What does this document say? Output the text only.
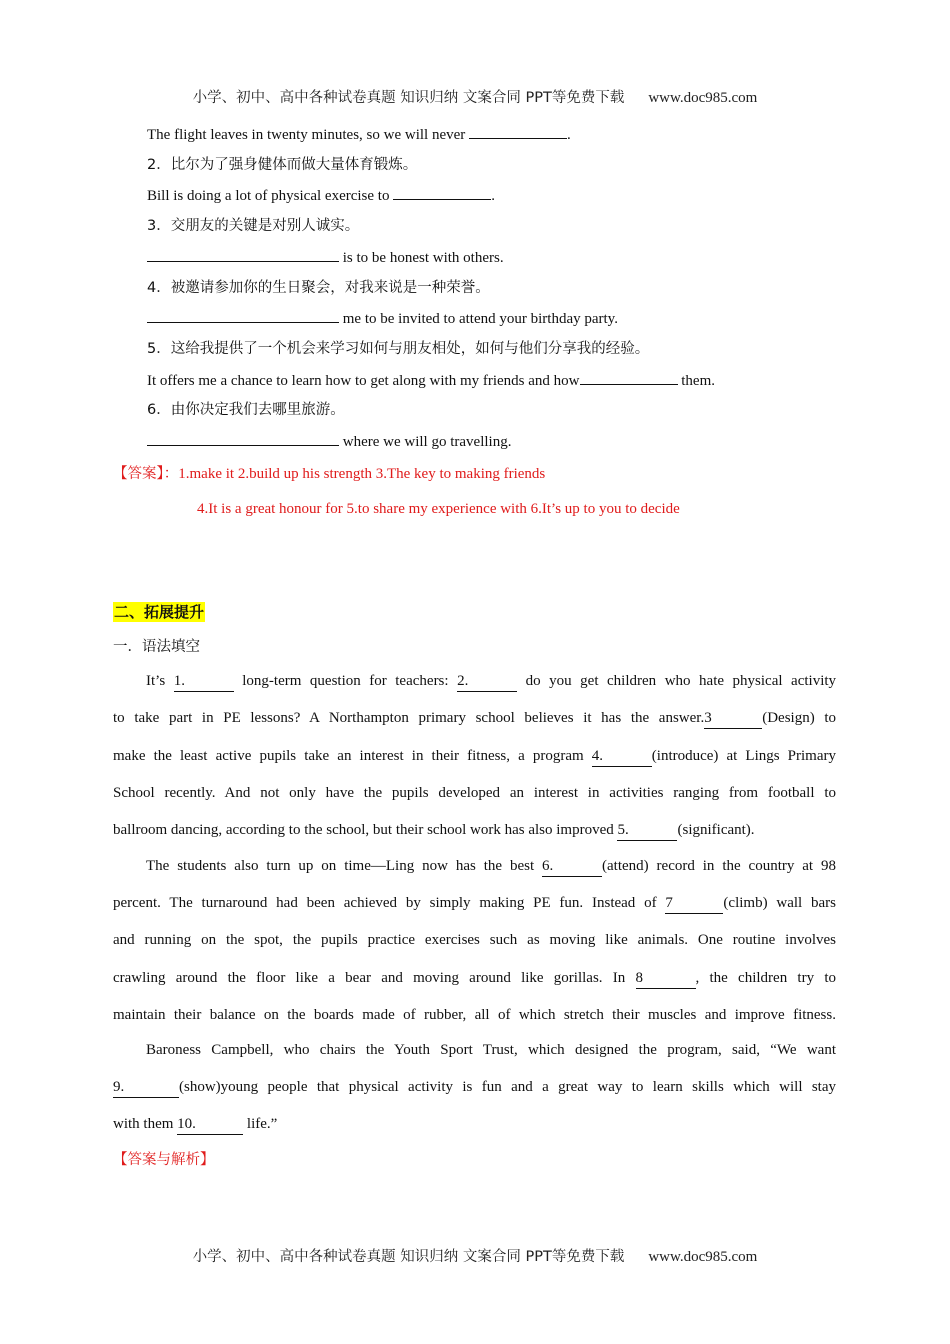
小学、初中、高中各种试卷真题 知识归纳 文案合同 PPT等免费下载 www.doc985.com
The flight leaves in twenty minutes, so we will never	.
2．比尔为了强身健体而做大量体育锻炼。
Bill is doing a lot of physical exercise to	.
3．交朋友的关键是对别人诚实。
is to be honest with others.
4．被邀请参加你的生日聚会，对我来说是一种荣誉。
me to be invited to attend your birthday party.
5．这给我提供了一个机会来学习如何与朋友相处，如何与他们分享我的经验。
It offers me a chance to learn how to get along with my friends and how	them.
6．由你决定我们去哪里旅游。
where we will go travelling.
【答案】：1.make it 2.build up his strength 3.The key to making friends
4.It is a great honour for 5.to share my experience with 6.It’s up to you to decide
二、拓展提升
一．语法填空
It’s 1.	long-term question for teachers: 2.	do you get children who hate physical activity
to take part in PE lessons? A Northampton primary school believes it has the answer.3	(Design) to
make the least active pupils take an interest in their fitness, a program 4.	(introduce) at Lings Primary
School recently. And not only have the pupils developed an interest in activities ranging from football to
ballroom dancing, according to the school, but their school work has also improved 5.	(significant).
The students also turn up on time—Ling now has the best 6.	(attend) record in the country at 98
percent. The turnaround had been achieved by simply making PE fun. Instead of 7	(climb) wall bars
and running on the spot, the pupils practice exercises such as moving like animals. One routine involves
crawling around the floor like a bear and moving around like gorillas. In 8	, the children try to
maintain their balance on the boards made of rubber, all of which stretch their muscles and improve fitness.
Baroness Campbell, who chairs the Youth Sport Trust, which designed the program, said, “We want
9.	(show)young people that physical activity is fun and a great way to learn skills which will stay
with them 10.	life.”
【答案与解析】
小学、初中、高中各种试卷真题 知识归纳 文案合同 PPT等免费下载 www.doc985.com
